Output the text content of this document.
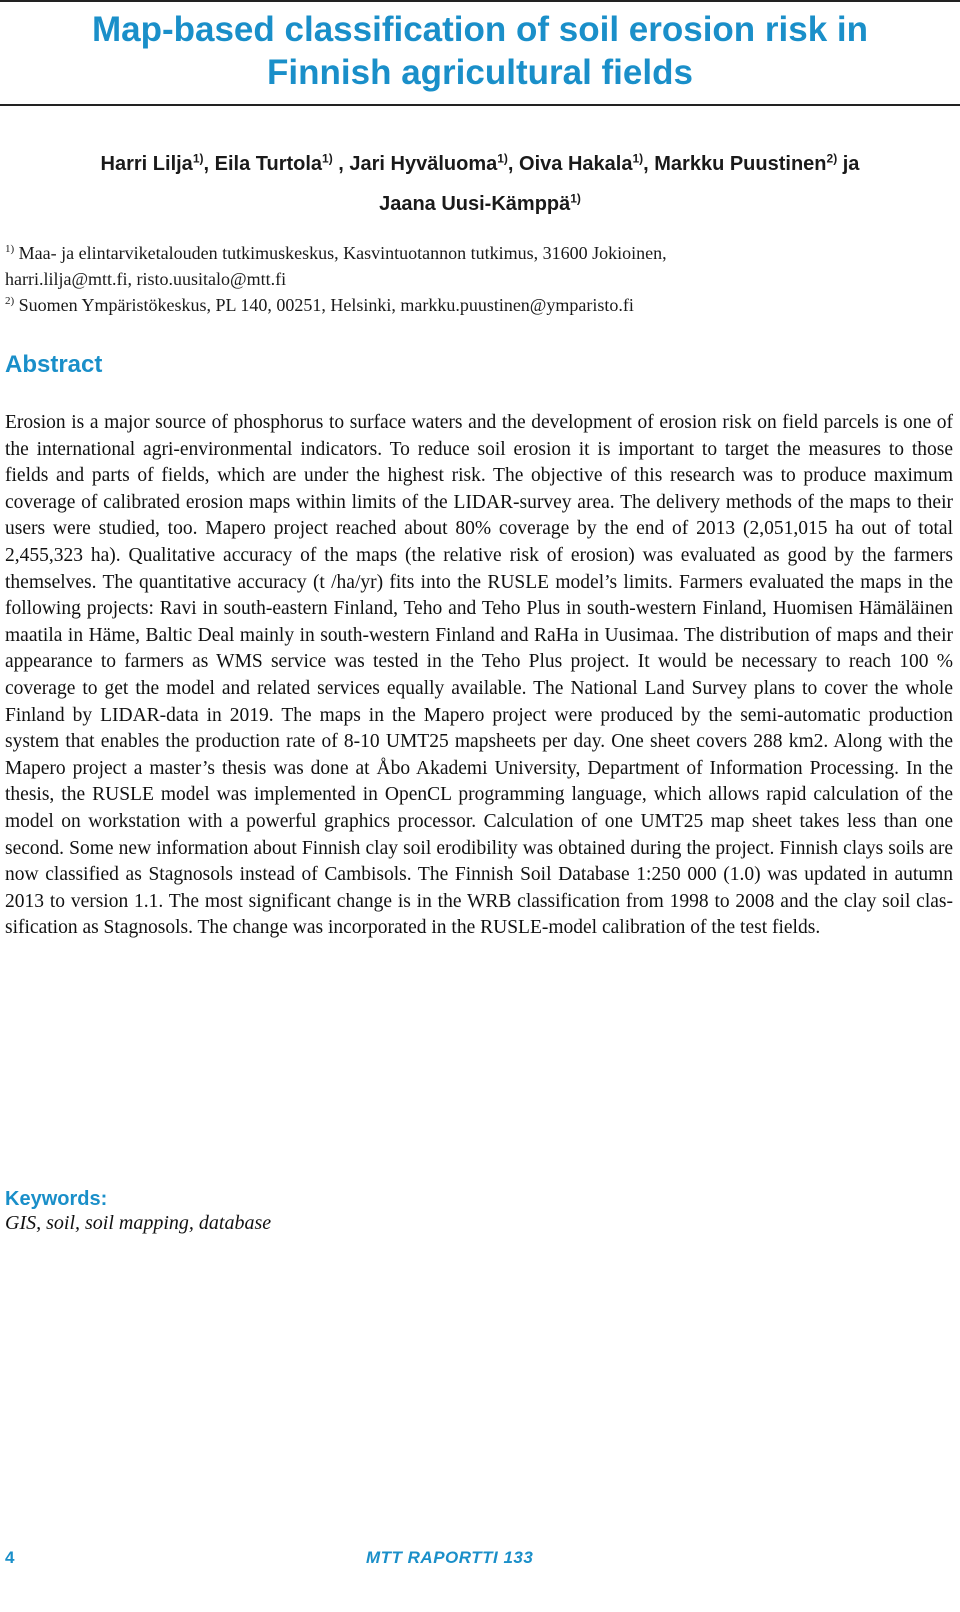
Map-based classification of soil erosion risk in
Finnish agricultural fields
Harri Lilja$^{1)}$, Eila Turtola$^{1)}$ , Jari Hyväluoma$^{1)}$, Oiva Hakala$^{1)}$, Markku Puustinen$^{2)}$ ja
Jaana Uusi-Kämppä$^{1)}$
$^{1)}$ Maa- ja elintarviketalouden tutkimuskeskus, Kasvintuotannon tutkimus, 31600 Jokioinen,
harri.lilja@mtt.fi, risto.uusitalo@mtt.fi
$^{2)}$ Suomen Ympäristökeskus, PL 140, 00251, Helsinki, markku.puustinen@ymparisto.fi
Abstract

Erosion is a major source of phosphorus to surface waters and the development of erosion risk on field parcels is one of the international agri-environmental indicators. To reduce soil erosion it is important to target the measures to those fields and parts of fields, which are under the highest risk. The objective of this research was to produce maximum coverage of calibrated erosion maps within limits of the LIDAR-survey area. The delivery methods of the maps to their users were studied, too. Mapero project reached about 80% coverage by the end of 2013 (2,051,015 ha out of total 2,455,323 ha). Qualitative accuracy of the maps (the relative risk of erosion) was evaluated as good by the farmers themselves. The quantitative accuracy (t /ha/yr) fits into the RUSLE model’s limits. Farmers evaluated the maps in the following projects: Ravi in south-eastern Finland, Teho and Teho Plus in south-western Finland, Huomisen Hämäläinen maatila in Häme, Baltic Deal mainly in south-western Finland and RaHa in Uusimaa. The distribution of maps and their appearance to farmers as WMS service was tested in the Teho Plus project. It would be necessary to reach 100 % coverage to get the model and related services equally available. The National Land Survey plans to cover the whole Finland by LIDAR-data in 2019. The maps in the Mapero project were produced by the semi-automatic production system that enables the production rate of 8-10 UMT25 mapsheets per day. One sheet covers 288 km2. Along with the Mapero project a master’s thesis was done at Åbo Akademi University, Department of Information Processing. In the thesis, the RUSLE model was implemented in OpenCL programming language, which allows rapid calculation of the model on workstation with a powerful graphics processor. Calculation of one UMT25 map sheet takes less than one second. Some new information about Finnish clay soil erodibility was obtained during the project. Finnish clays soils are now classified as Stagnosols instead of Cambisols. The Finnish Soil Database 1:250 000 (1.0) was updated in autumn 2013 to version 1.1. The most significant change is in the WRB classification from 1998 to 2008 and the clay soil classification as Stagnosols. The change was incorporated in the RUSLE-model calibration of the test fields.

Keywords:
GIS, soil, soil mapping, database
4	MTT RAPORTTI 133
